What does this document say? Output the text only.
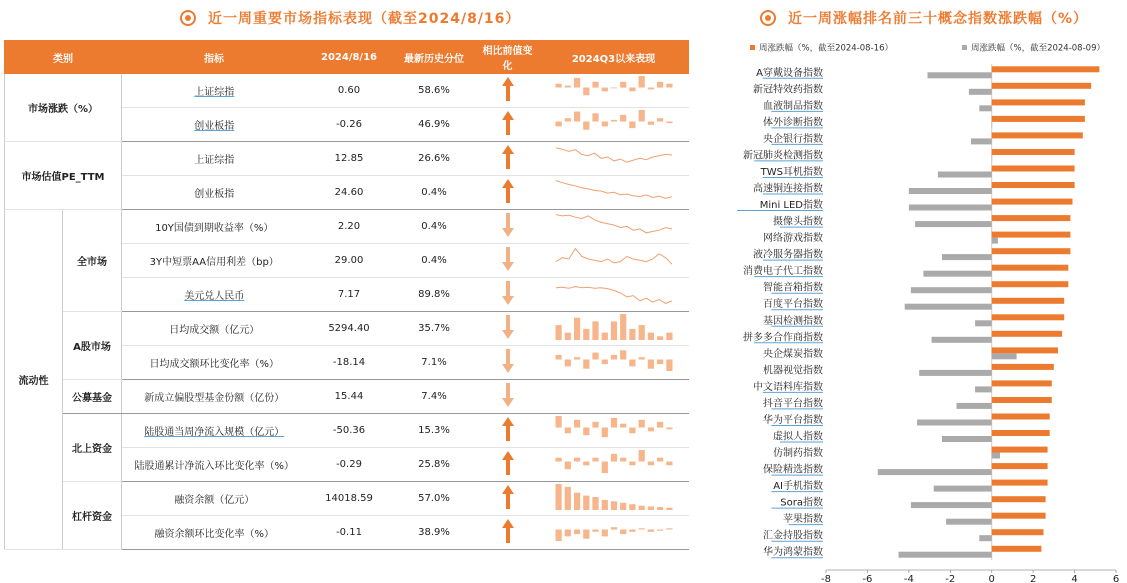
近一周重要市场指标表现（截至2024/8/16）	近一周涨幅排名前三十概念指数涨跌幅（%）
类别		指标	2024/8/16	最新历史分位	相比前值变化	2024Q3以来表现
市场涨跌（%）		上证综指	0.60	58.6%		
		创业板指	-0.26	46.9%		
市场估值PE_TTM		上证综指	12.85	26.6%		
		创业板指	24.60	0.4%		
流动性	全市场	10Y国债到期收益率（%）	2.20	0.4%		
		3Y中短票AA信用利差（bp）	29.00	0.4%		
		美元兑人民币	7.17	89.8%		
	A股市场	日均成交额（亿元）	5294.40	35.7%		
		日均成交额环比变化率（%）	-18.14	7.1%		
	公募基金	新成立偏股型基金份额（亿份）	15.44	7.4%		
	北上资金	陆股通当周净流入规模（亿元）	-50.36	15.3%		
		陆股通累计净流入环比变化率（%）	-0.29	25.8%		
	杠杆资金	融资余额（亿元）	14018.59	57.0%		
		融资余额环比变化率（%）	-0.11	38.9%		
周涨跌幅（%，截至2024-08-16）	周涨跌幅（%，截至2024-08-09）
A穿戴设备指数
新冠特效药指数
血液制品指数
体外诊断指数
央企银行指数
新冠肺炎检测指数
TWS耳机指数
高速铜连接指数
Mini LED指数
摄像头指数
网络游戏指数
液冷服务器指数
消费电子代工指数
智能音箱指数
百度平台指数
基因检测指数
拼多多合作商指数
央企煤炭指数
机器视觉指数
中文语料库指数
抖音平台指数
华为平台指数
虚拟人指数
仿制药指数
保险精选指数
AI手机指数
Sora指数
苹果指数
汇金持股指数
华为鸿蒙指数
-8	-6	-4	-2	0	2	4	6
